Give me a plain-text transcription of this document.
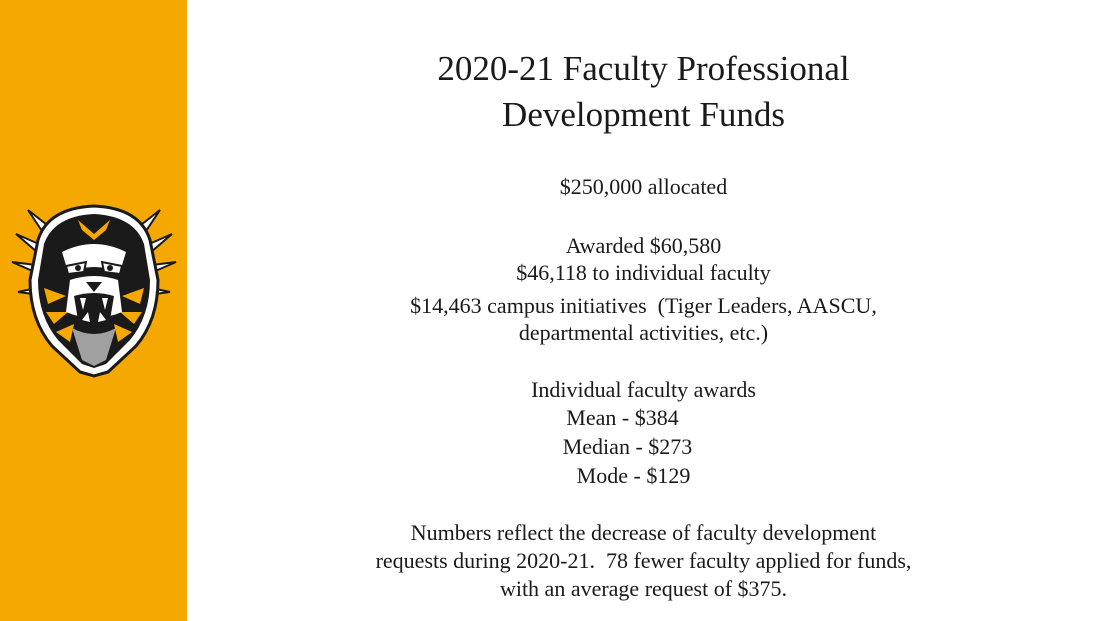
2020-21 Faculty Professional
Development Funds
$250,000 allocated
Awarded $60,580
$46,118 to individual faculty
$14,463 campus initiatives  (Tiger Leaders, AASCU,
departmental activities, etc.)
Individual faculty awards
Mean - $384
Median - $273
Mode - $129
Numbers reflect the decrease of faculty development
requests during 2020-21.  78 fewer faculty applied for funds,
with an average request of $375.
